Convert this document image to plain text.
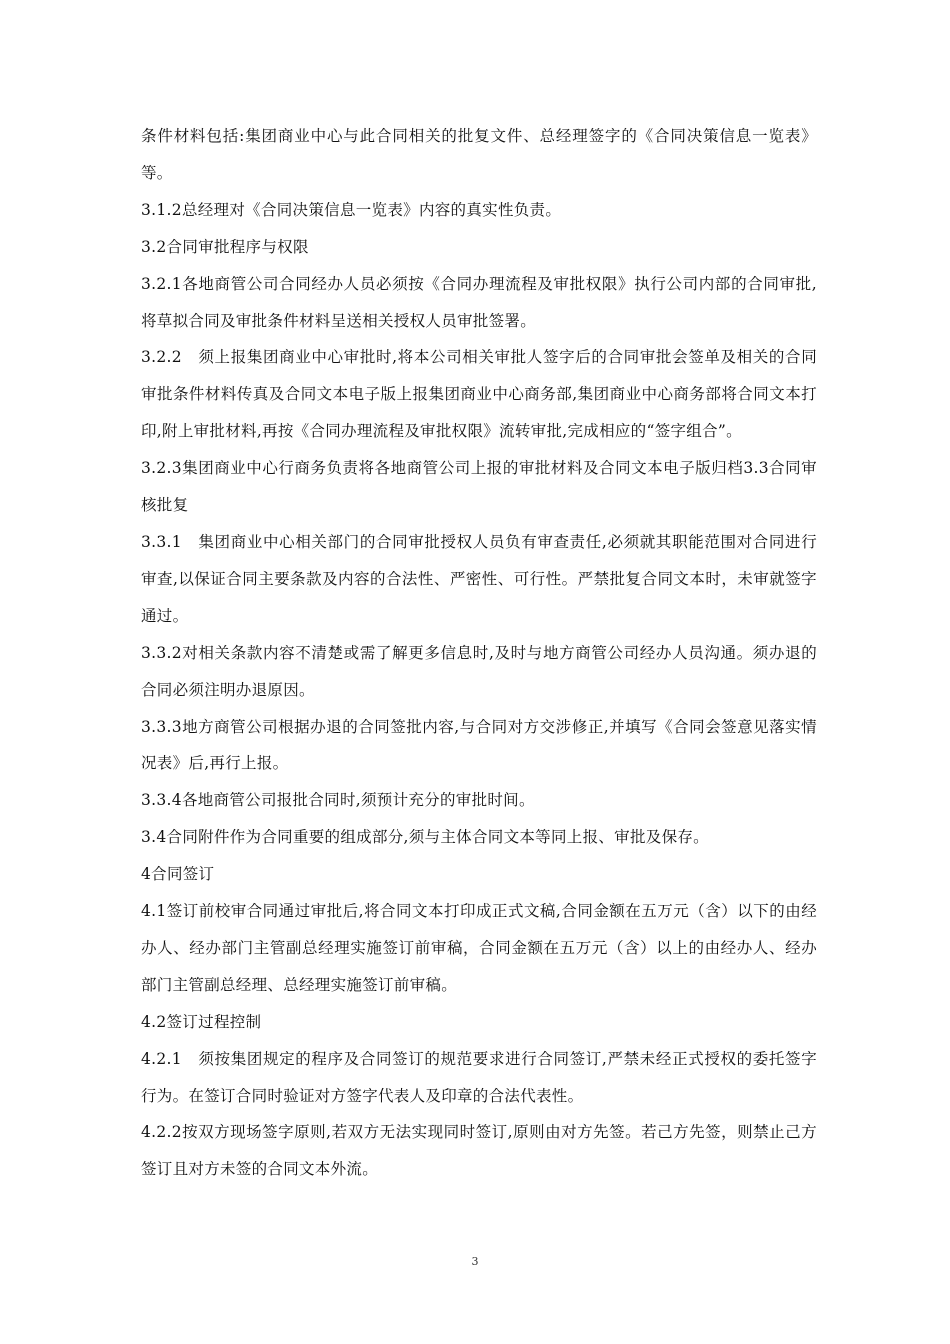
条件材料包括:集团商业中心与此合同相关的批复文件、总经理签字的《合同决策信息一览表》等。

3.1.2总经理对《合同决策信息一览表》内容的真实性负责。

3.2合同审批程序与权限

3.2.1各地商管公司合同经办人员必须按《合同办理流程及审批权限》执行公司内部的合同审批,将草拟合同及审批条件材料呈送相关授权人员审批签署。

3.2.2　须上报集团商业中心审批时,将本公司相关审批人签字后的合同审批会签单及相关的合同审批条件材料传真及合同文本电子版上报集团商业中心商务部,集团商业中心商务部将合同文本打印,附上审批材料,再按《合同办理流程及审批权限》流转审批,完成相应的“签字组合”。

3.2.3集团商业中心行商务负责将各地商管公司上报的审批材料及合同文本电子版归档3.3合同审核批复

3.3.1　集团商业中心相关部门的合同审批授权人员负有审查责任,必须就其职能范围对合同进行审查,以保证合同主要条款及内容的合法性、严密性、可行性。严禁批复合同文本时，未审就签字通过。

3.3.2对相关条款内容不清楚或需了解更多信息时,及时与地方商管公司经办人员沟通。须办退的合同必须注明办退原因。

3.3.3地方商管公司根据办退的合同签批内容,与合同对方交涉修正,并填写《合同会签意见落实情况表》后,再行上报。

3.3.4各地商管公司报批合同时,须预计充分的审批时间。

3.4合同附件作为合同重要的组成部分,须与主体合同文本等同上报、审批及保存。

4合同签订

4.1签订前校审合同通过审批后,将合同文本打印成正式文稿,合同金额在五万元（含）以下的由经办人、经办部门主管副总经理实施签订前审稿，合同金额在五万元（含）以上的由经办人、经办部门主管副总经理、总经理实施签订前审稿。

4.2签订过程控制

4.2.1　须按集团规定的程序及合同签订的规范要求进行合同签订,严禁未经正式授权的委托签字行为。在签订合同时验证对方签字代表人及印章的合法代表性。

4.2.2按双方现场签字原则,若双方无法实现同时签订,原则由对方先签。若己方先签，则禁止己方签订且对方未签的合同文本外流。

3
